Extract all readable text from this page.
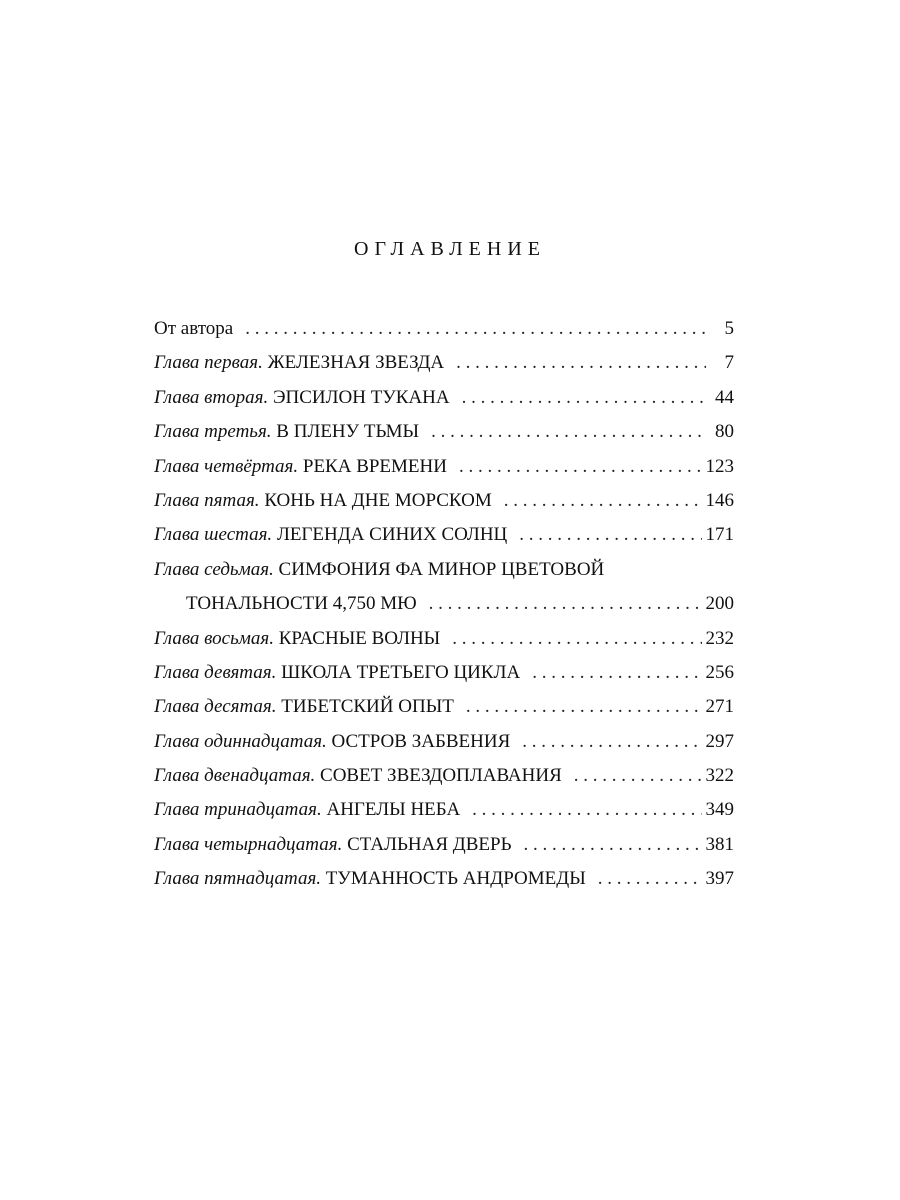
ОГЛАВЛЕНИЕ
От автора . . .	5
Глава первая. ЖЕЛЕЗНАЯ ЗВЕЗДА . . .	7
Глава вторая. ЭПСИЛОН ТУКАНА . . .	44
Глава третья. В ПЛЕНУ ТЬМЫ . . .	80
Глава четвёртая. РЕКА ВРЕМЕНИ . . .	123
Глава пятая. КОНЬ НА ДНЕ МОРСКОМ . . .	146
Глава шестая. ЛЕГЕНДА СИНИХ СОЛНЦ . . .	171
Глава седьмая. СИМФОНИЯ ФА МИНОР ЦВЕТОВОЙ
ТОНАЛЬНОСТИ 4,750 МЮ . . .	200
Глава восьмая. КРАСНЫЕ ВОЛНЫ . . .	232
Глава девятая. ШКОЛА ТРЕТЬЕГО ЦИКЛА . . .	256
Глава десятая. ТИБЕТСКИЙ ОПЫТ . . .	271
Глава одиннадцатая. ОСТРОВ ЗАБВЕНИЯ . . .	297
Глава двенадцатая. СОВЕТ ЗВЕЗДОПЛАВАНИЯ . . .	322
Глава тринадцатая. АНГЕЛЫ НЕБА . . .	349
Глава четырнадцатая. СТАЛЬНАЯ ДВЕРЬ . . .	381
Глава пятнадцатая. ТУМАННОСТЬ АНДРОМЕДЫ . . .	397
